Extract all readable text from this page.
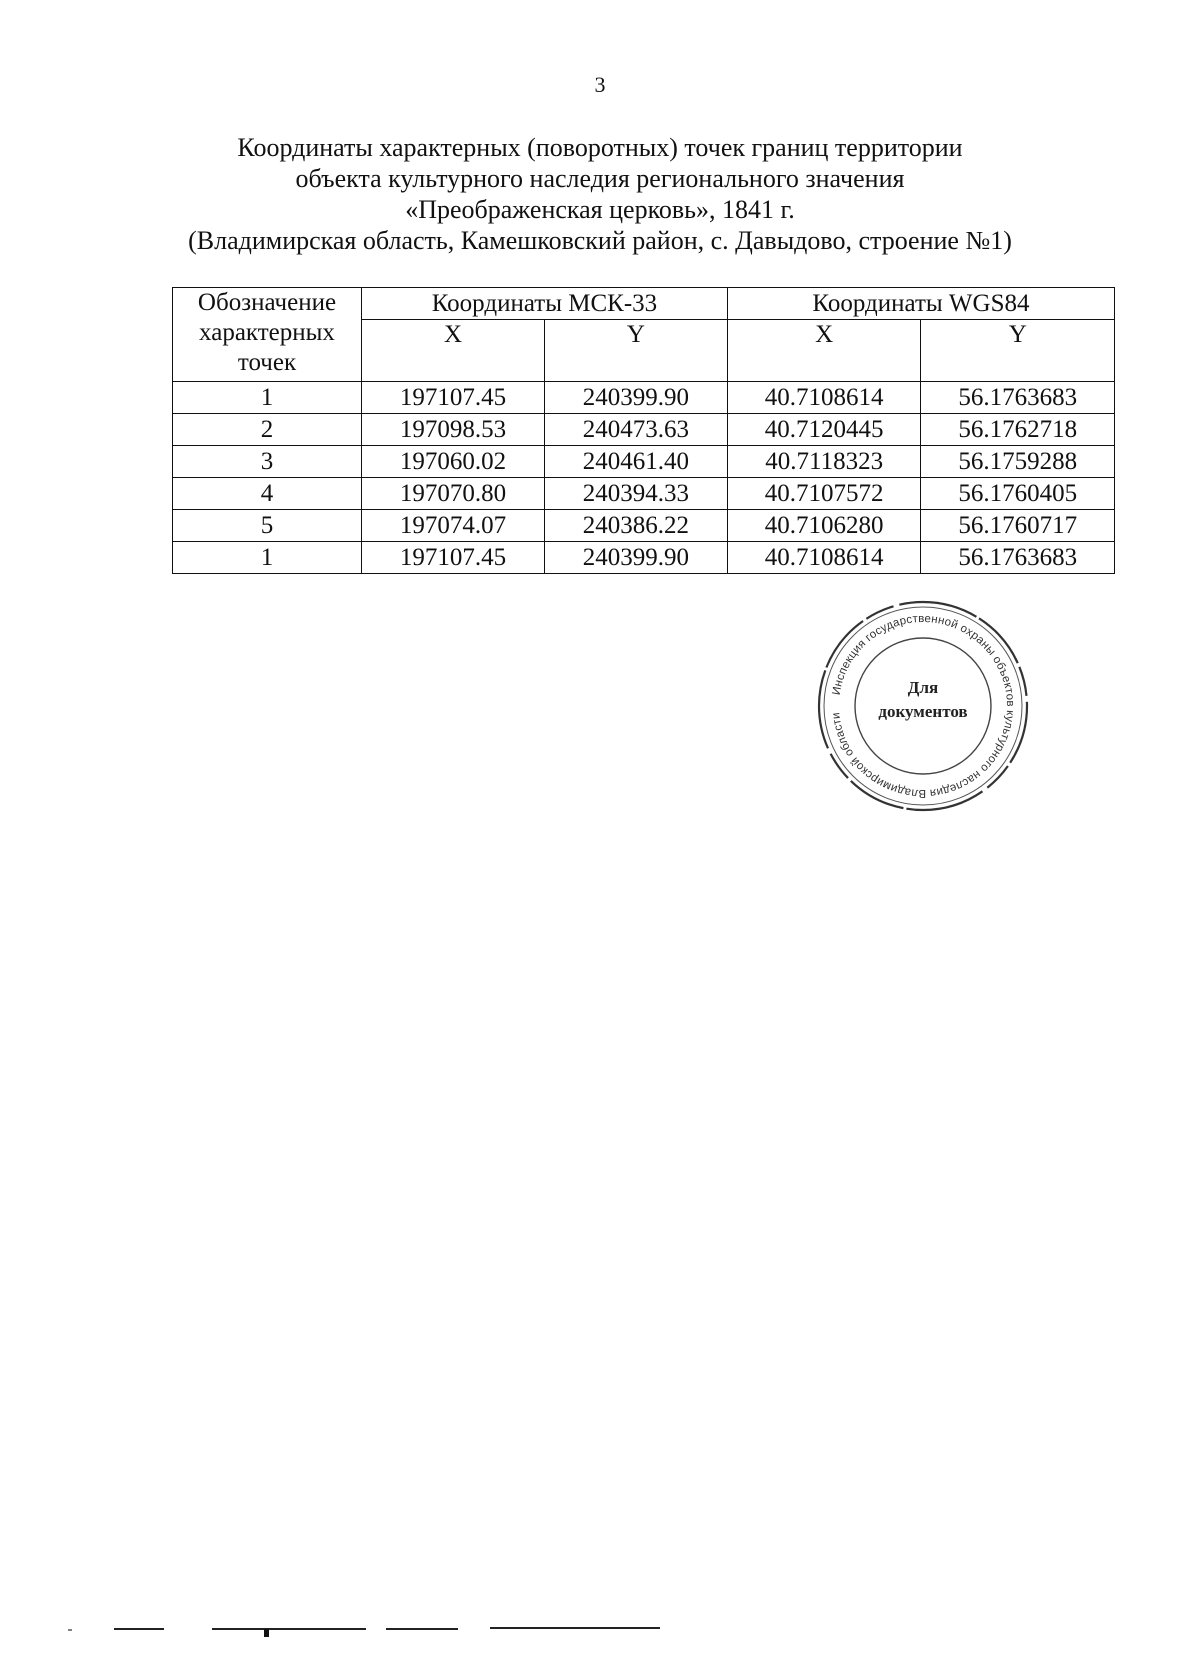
3
Координаты характерных (поворотных) точек границ территории
объекта культурного наследия регионального значения
«Преображенская церковь», 1841 г.
(Владимирская область, Камешковский район, с. Давыдово, строение №1)
Обозначение
характерных
точек	Координаты МСК-33		Координаты WGS84	
	X	Y	X	Y
1	197107.45	240399.90	40.7108614	56.1763683
2	197098.53	240473.63	40.7120445	56.1762718
3	197060.02	240461.40	40.7118323	56.1759288
4	197070.80	240394.33	40.7107572	56.1760405
5	197074.07	240386.22	40.7106280	56.1760717
1	197107.45	240399.90	40.7108614	56.1763683
Инспекция государственной охраны объектов культурного наследия Владимирской области
Для
документов
